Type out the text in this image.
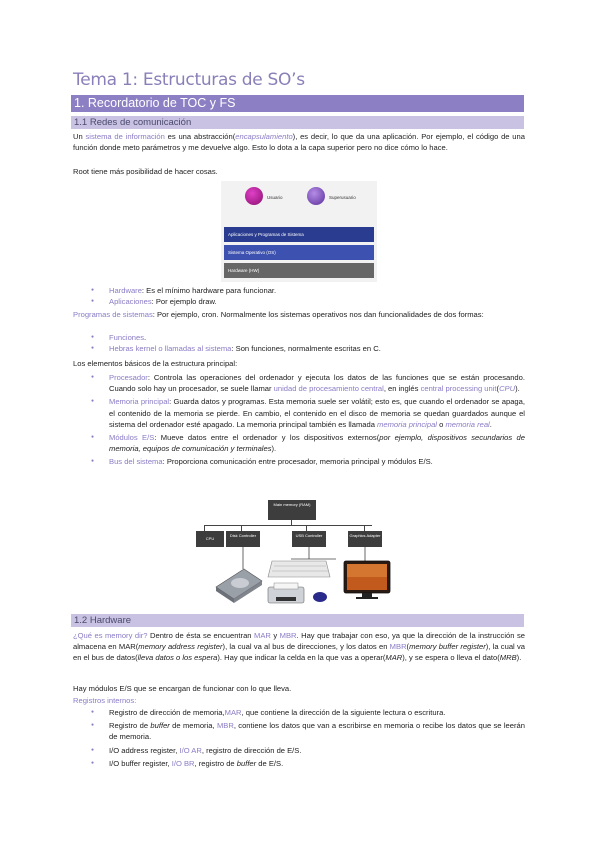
Tema 1: Estructuras de SO’s
1. Recordatorio de TOC y FS
1.1 Redes de comunicación
Un sistema de información es una abstracción(encapsulamiento), es decir, lo que da una aplicación. Por ejemplo, el código de una función donde meto parámetros y me devuelve algo. Esto lo dota a la capa superior pero no dice cómo lo hace.
Root tiene más posibilidad de hacer cosas.
Usuario	Superusuario
Aplicaciones y Programas de Sistema
Sistema Operativo (OS)
Hardware (HW)
● Hardware: Es el mínimo hardware para funcionar.
● Aplicaciones: Por ejemplo draw.
Programas de sistemas: Por ejemplo, cron. Normalmente los sistemas operativos nos dan funcionalidades de dos formas:
● Funciones.
● Hebras kernel o llamadas al sistema: Son funciones, normalmente escritas en C.
Los elementos básicos de la estructura principal:
● Procesador: Controla las operaciones del ordenador y ejecuta los datos de las funciones que se están procesando. Cuando solo hay un procesador, se suele llamar unidad de procesamiento central, en inglés central processing unit(CPU).
● Memoria principal: Guarda datos y programas. Esta memoria suele ser volátil; esto es, que cuando el ordenador se apaga, el contenido de la memoria se pierde. En cambio, el contenido en el disco de memoria se quedan guardados aunque el sistema del ordenador esté apagado. La memoria principal también es llamada memoria principal o memoria real.
● Módulos E/S: Mueve datos entre el ordenador y los dispositivos externos(por ejemplo, dispositivos secundarios de memoria, equipos de comunicación y terminales).
● Bus del sistema: Proporciona comunicación entre procesador, memoria principal y módulos E/S.
Main memory (RAM)
CPU
Disk Controller	USB Controller	Graphics Adapter
1.2 Hardware
¿Qué es memory dir? Dentro de ésta se encuentran MAR y MBR. Hay que trabajar con eso, ya que la dirección de la instrucción se almacena en MAR(memory address register), la cual va al bus de direcciones, y los datos en MBR(memory buffer register), la cual va en el bus de datos(lleva datos o los espera). Hay que indicar la celda en la que vas a operar(MAR), y se espera o lleva el dato(MRB).
Hay módulos E/S que se encargan de funcionar con lo que lleva.
Registros internos:
● Registro de dirección de memoria,MAR, que contiene la dirección de la siguiente lectura o escritura.
● Registro de buffer de memoria, MBR, contiene los datos que van a escribirse en memoria o recibe los datos que se leerán de memoria.
● I/O address register, I/O AR, registro de dirección de E/S.
● I/O buffer register, I/O BR, registro de buffer de E/S.
